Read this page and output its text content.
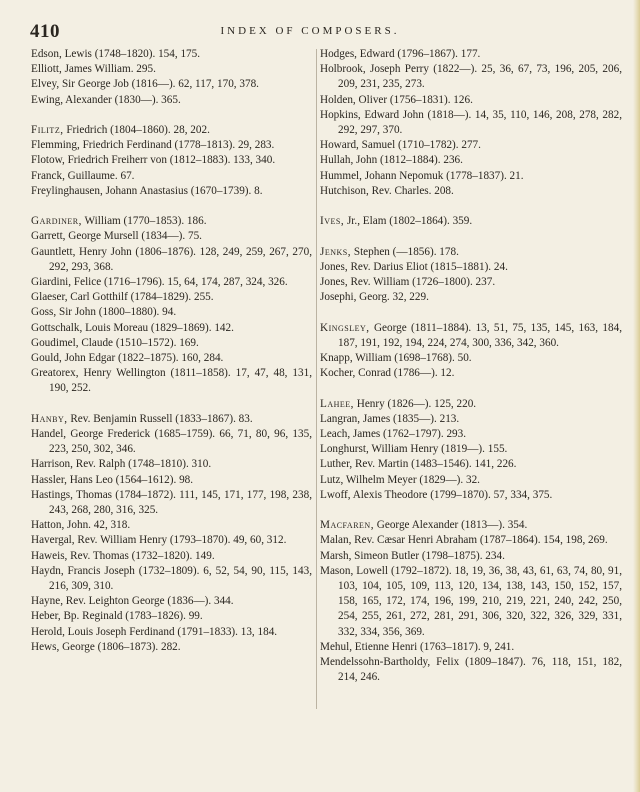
410	INDEX OF COMPOSERS.
Edson, Lewis (1748–1820). 154, 175.
Elliott, James William. 295.
Elvey, Sir George Job (1816—). 62, 117, 170, 378.
Ewing, Alexander (1830—). 365.
Filitz, Friedrich (1804–1860). 28, 202.
Flemming, Friedrich Ferdinand (1778–1813). 29, 283.
Flotow, Friedrich Freiherr von (1812–1883). 133, 340.
Franck, Guillaume. 67.
Freylinghausen, Johann Anastasius (1670–1739). 8.
Gardiner, William (1770–1853). 186.
Garrett, George Mursell (1834—). 75.
Gauntlett, Henry John (1806–1876). 128, 249, 259, 267, 270, 292, 293, 368.
Giardini, Felice (1716–1796). 15, 64, 174, 287, 324, 326.
Glaeser, Carl Gotthilf (1784–1829). 255.
Goss, Sir John (1800–1880). 94.
Gottschalk, Louis Moreau (1829–1869). 142.
Goudimel, Claude (1510–1572). 169.
Gould, John Edgar (1822–1875). 160, 284.
Greatorex, Henry Wellington (1811–1858). 17, 47, 48, 131, 190, 252.
Hanby, Rev. Benjamin Russell (1833–1867). 83.
Handel, George Frederick (1685–1759). 66, 71, 80, 96, 135, 223, 250, 302, 346.
Harrison, Rev. Ralph (1748–1810). 310.
Hassler, Hans Leo (1564–1612). 98.
Hastings, Thomas (1784–1872). 111, 145, 171, 177, 198, 238, 243, 268, 280, 316, 325.
Hatton, John. 42, 318.
Havergal, Rev. William Henry (1793–1870). 49, 60, 312.
Haweis, Rev. Thomas (1732–1820). 149.
Haydn, Francis Joseph (1732–1809). 6, 52, 54, 90, 115, 143, 216, 309, 310.
Hayne, Rev. Leighton George (1836—). 344.
Heber, Bp. Reginald (1783–1826). 99.
Herold, Louis Joseph Ferdinand (1791–1833). 13, 184.
Hews, George (1806–1873). 282.
Hodges, Edward (1796–1867). 177.
Holbrook, Joseph Perry (1822—). 25, 36, 67, 73, 196, 205, 206, 209, 231, 235, 273.
Holden, Oliver (1756–1831). 126.
Hopkins, Edward John (1818—). 14, 35, 110, 146, 208, 278, 282, 292, 297, 370.
Howard, Samuel (1710–1782). 277.
Hullah, John (1812–1884). 236.
Hummel, Johann Nepomuk (1778–1837). 21.
Hutchison, Rev. Charles. 208.
Ives, Jr., Elam (1802–1864). 359.
Jenks, Stephen (—1856). 178.
Jones, Rev. Darius Eliot (1815–1881). 24.
Jones, Rev. William (1726–1800). 237.
Josephi, Georg. 32, 229.
Kingsley, George (1811–1884). 13, 51, 75, 135, 145, 163, 184, 187, 191, 192, 194, 224, 274, 300, 336, 342, 360.
Knapp, William (1698–1768). 50.
Kocher, Conrad (1786—). 12.
Lahee, Henry (1826—). 125, 220.
Langran, James (1835—). 213.
Leach, James (1762–1797). 293.
Longhurst, William Henry (1819—). 155.
Luther, Rev. Martin (1483–1546). 141, 226.
Lutz, Wilhelm Meyer (1829—). 32.
Lwoff, Alexis Theodore (1799–1870). 57, 334, 375.
Macfaren, George Alexander (1813—). 354.
Malan, Rev. Cæsar Henri Abraham (1787–1864). 154, 198, 269.
Marsh, Simeon Butler (1798–1875). 234.
Mason, Lowell (1792–1872). 18, 19, 36, 38, 43, 61, 63, 74, 80, 91, 103, 104, 105, 109, 113, 120, 134, 138, 143, 150, 152, 157, 158, 165, 172, 174, 196, 199, 210, 219, 221, 240, 242, 250, 254, 255, 261, 272, 281, 291, 306, 320, 322, 326, 329, 331, 332, 334, 356, 369.
Mehul, Etienne Henri (1763–1817). 9, 241.
Mendelssohn-Bartholdy, Felix (1809–1847). 76, 118, 151, 182, 214, 246.
